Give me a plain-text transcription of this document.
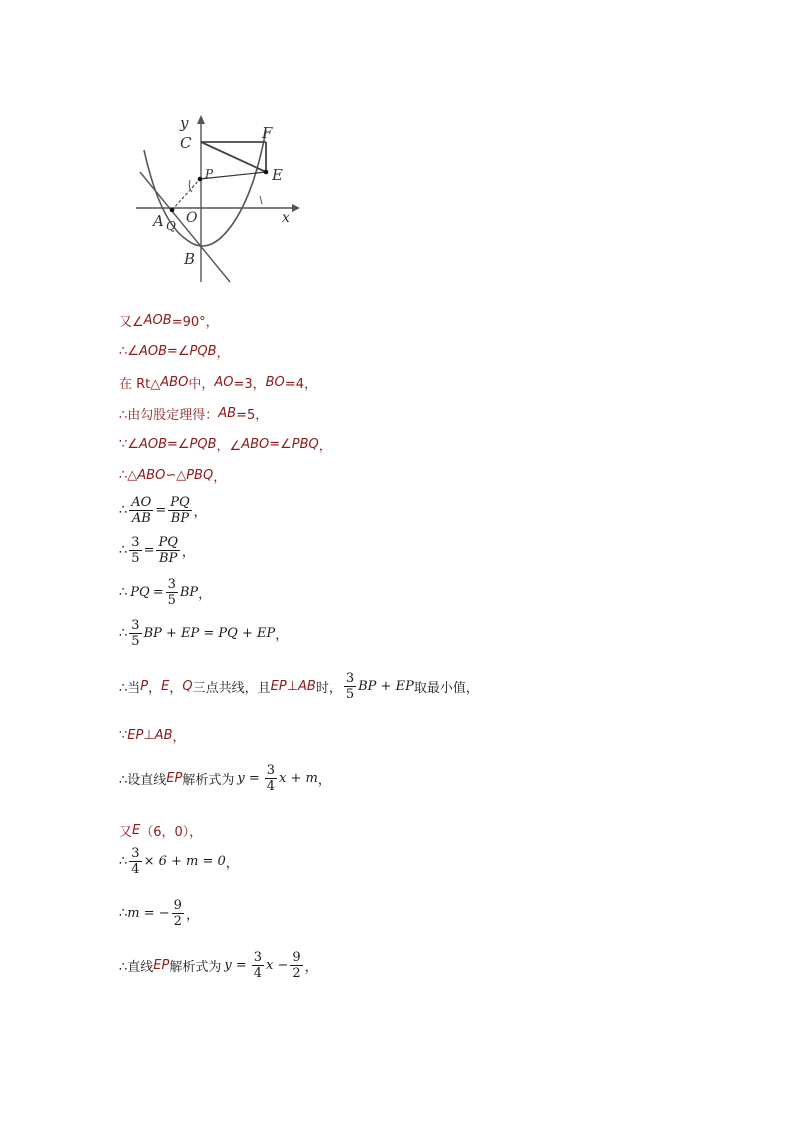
y
C
F
P	E
A O
Q	x
B
又∠ AOB =90°，
∴∠ AOB =∠ PQB ，
在 Rt△ ABO 中， AO =3， BO =4，
∴由勾股定理得： AB =5，
∵∠ AOB =∠ PQB ，∠ ABO =∠ PBQ ，
∴△ ABO ∽△ PBQ ，
∴ $\frac{AO}{AB} = \frac{PQ}{BP}$ ，
∴ $\frac{3}{5} = \frac{PQ}{BP}$ ，
∴ PQ = $\frac{3}{5}$ BP ，
∴ $\frac{3}{5}$ BP + EP = PQ + EP ，
∴当 P ， E ， Q 三点共线，且 EP ⊥ AB 时， $\frac{3}{5}$ BP + EP 取最小值，
∵ EP ⊥ AB ，
∴设直线 EP 解析式为 $y = \frac{3}{4}$ x + m ，
又 E （6，0），
∴ $\frac{3}{4} \times 6 + m = 0$ ，
∴ m = − $\frac{9}{2}$ ，
∴直线 EP 解析式为 $y = \frac{3}{4}$ $x - \frac{9}{2}$ ，
